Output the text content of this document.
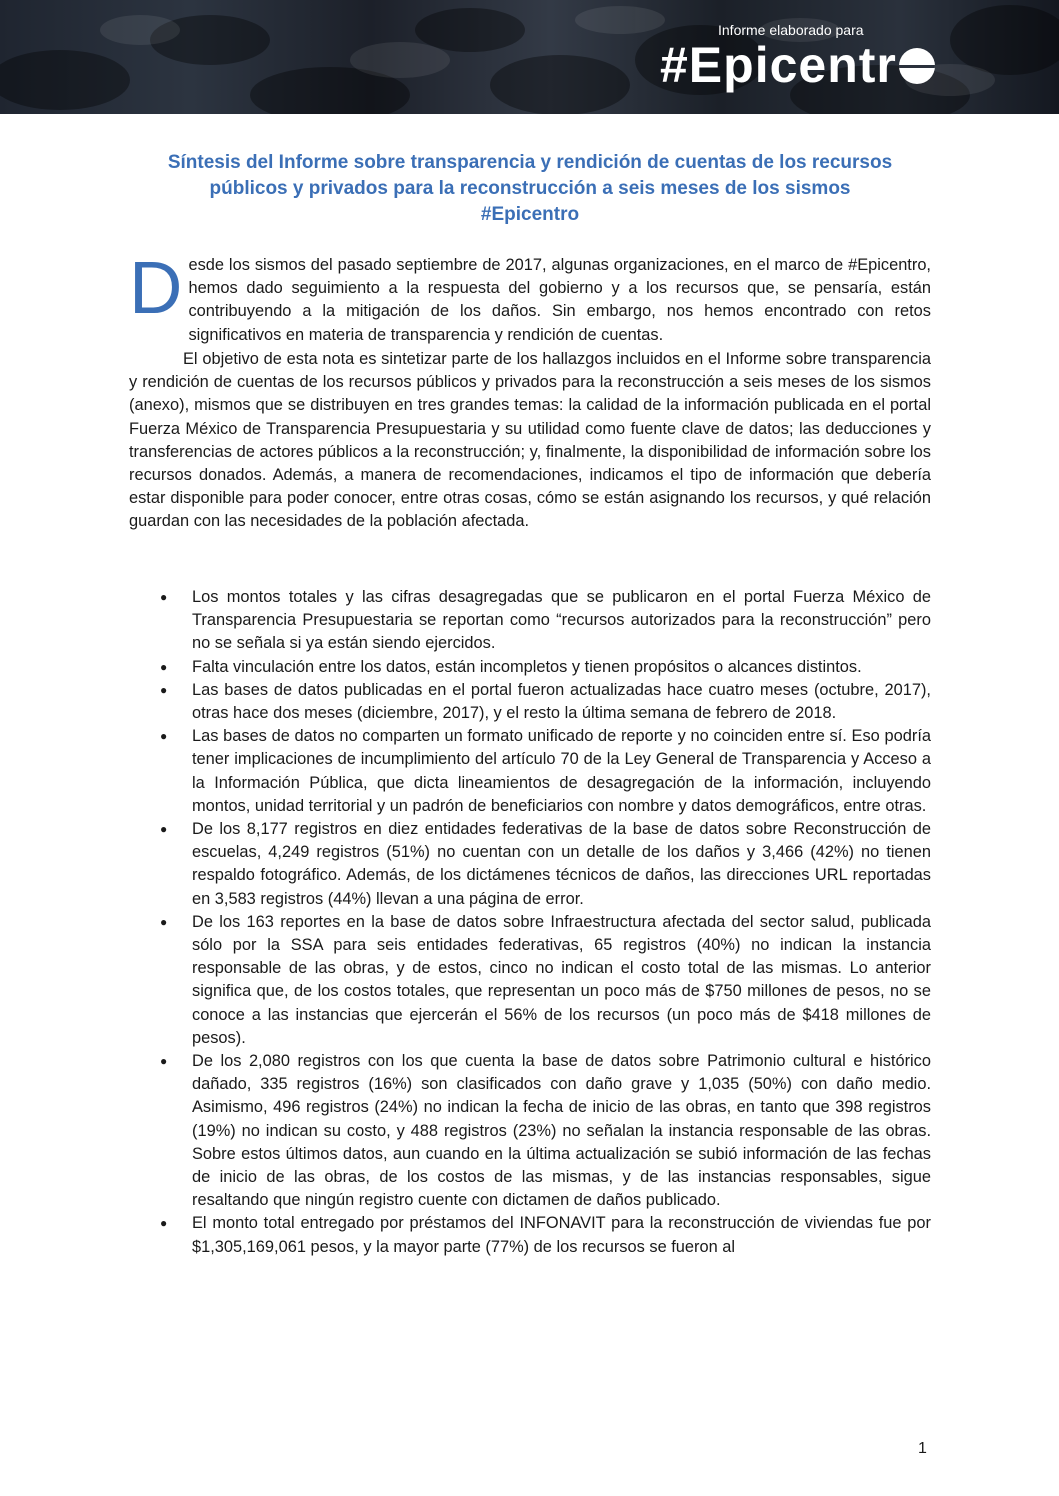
Informe elaborado para
#Epicentr
Síntesis del Informe sobre transparencia y rendición de cuentas de los recursos
públicos y privados para la reconstrucción a seis meses de los sismos
#Epicentro

Desde los sismos del pasado septiembre de 2017, algunas organizaciones, en el marco de #Epicentro, hemos dado seguimiento a la respuesta del gobierno y a los recursos que, se pensaría, están contribuyendo a la mitigación de los daños. Sin embargo, nos hemos encontrado con retos significativos en materia de transparencia y rendición de cuentas.

El objetivo de esta nota es sintetizar parte de los hallazgos incluidos en el Informe sobre transparencia y rendición de cuentas de los recursos públicos y privados para la reconstrucción a seis meses de los sismos (anexo), mismos que se distribuyen en tres grandes temas: la calidad de la información publicada en el portal Fuerza México de Transparencia Presupuestaria y su utilidad como fuente clave de datos; las deducciones y transferencias de actores públicos a la reconstrucción; y, finalmente, la disponibilidad de información sobre los recursos donados. Además, a manera de recomendaciones, indicamos el tipo de información que debería estar disponible para poder conocer, entre otras cosas, cómo se están asignando los recursos, y qué relación guardan con las necesidades de la población afectada.

● Los montos totales y las cifras desagregadas que se publicaron en el portal Fuerza México de Transparencia Presupuestaria se reportan como “recursos autorizados para la reconstrucción” pero no se señala si ya están siendo ejercidos.
● Falta vinculación entre los datos, están incompletos y tienen propósitos o alcances distintos.
● Las bases de datos publicadas en el portal fueron actualizadas hace cuatro meses (octubre, 2017), otras hace dos meses (diciembre, 2017), y el resto la última semana de febrero de 2018.
● Las bases de datos no comparten un formato unificado de reporte y no coinciden entre sí. Eso podría tener implicaciones de incumplimiento del artículo 70 de la Ley General de Transparencia y Acceso a la Información Pública, que dicta lineamientos de desagregación de la información, incluyendo montos, unidad territorial y un padrón de beneficiarios con nombre y datos demográficos, entre otras.
● De los 8,177 registros en diez entidades federativas de la base de datos sobre Reconstrucción de escuelas, 4,249 registros (51%) no cuentan con un detalle de los daños y 3,466 (42%) no tienen respaldo fotográfico. Además, de los dictámenes técnicos de daños, las direcciones URL reportadas en 3,583 registros (44%) llevan a una página de error.
● De los 163 reportes en la base de datos sobre Infraestructura afectada del sector salud, publicada sólo por la SSA para seis entidades federativas, 65 registros (40%) no indican la instancia responsable de las obras, y de estos, cinco no indican el costo total de las mismas. Lo anterior significa que, de los costos totales, que representan un poco más de $750 millones de pesos, no se conoce a las instancias que ejercerán el 56% de los recursos (un poco más de $418 millones de pesos).
● De los 2,080 registros con los que cuenta la base de datos sobre Patrimonio cultural e histórico dañado, 335 registros (16%) son clasificados con daño grave y 1,035 (50%) con daño medio. Asimismo, 496 registros (24%) no indican la fecha de inicio de las obras, en tanto que 398 registros (19%) no indican su costo, y 488 registros (23%) no señalan la instancia responsable de las obras. Sobre estos últimos datos, aun cuando en la última actualización se subió información de las fechas de inicio de las obras, de los costos de las mismas, y de las instancias responsables, sigue resaltando que ningún registro cuente con dictamen de daños publicado.
● El monto total entregado por préstamos del INFONAVIT para la reconstrucción de viviendas fue por $1,305,169,061 pesos, y la mayor parte (77%) de los recursos se fueron al
1
